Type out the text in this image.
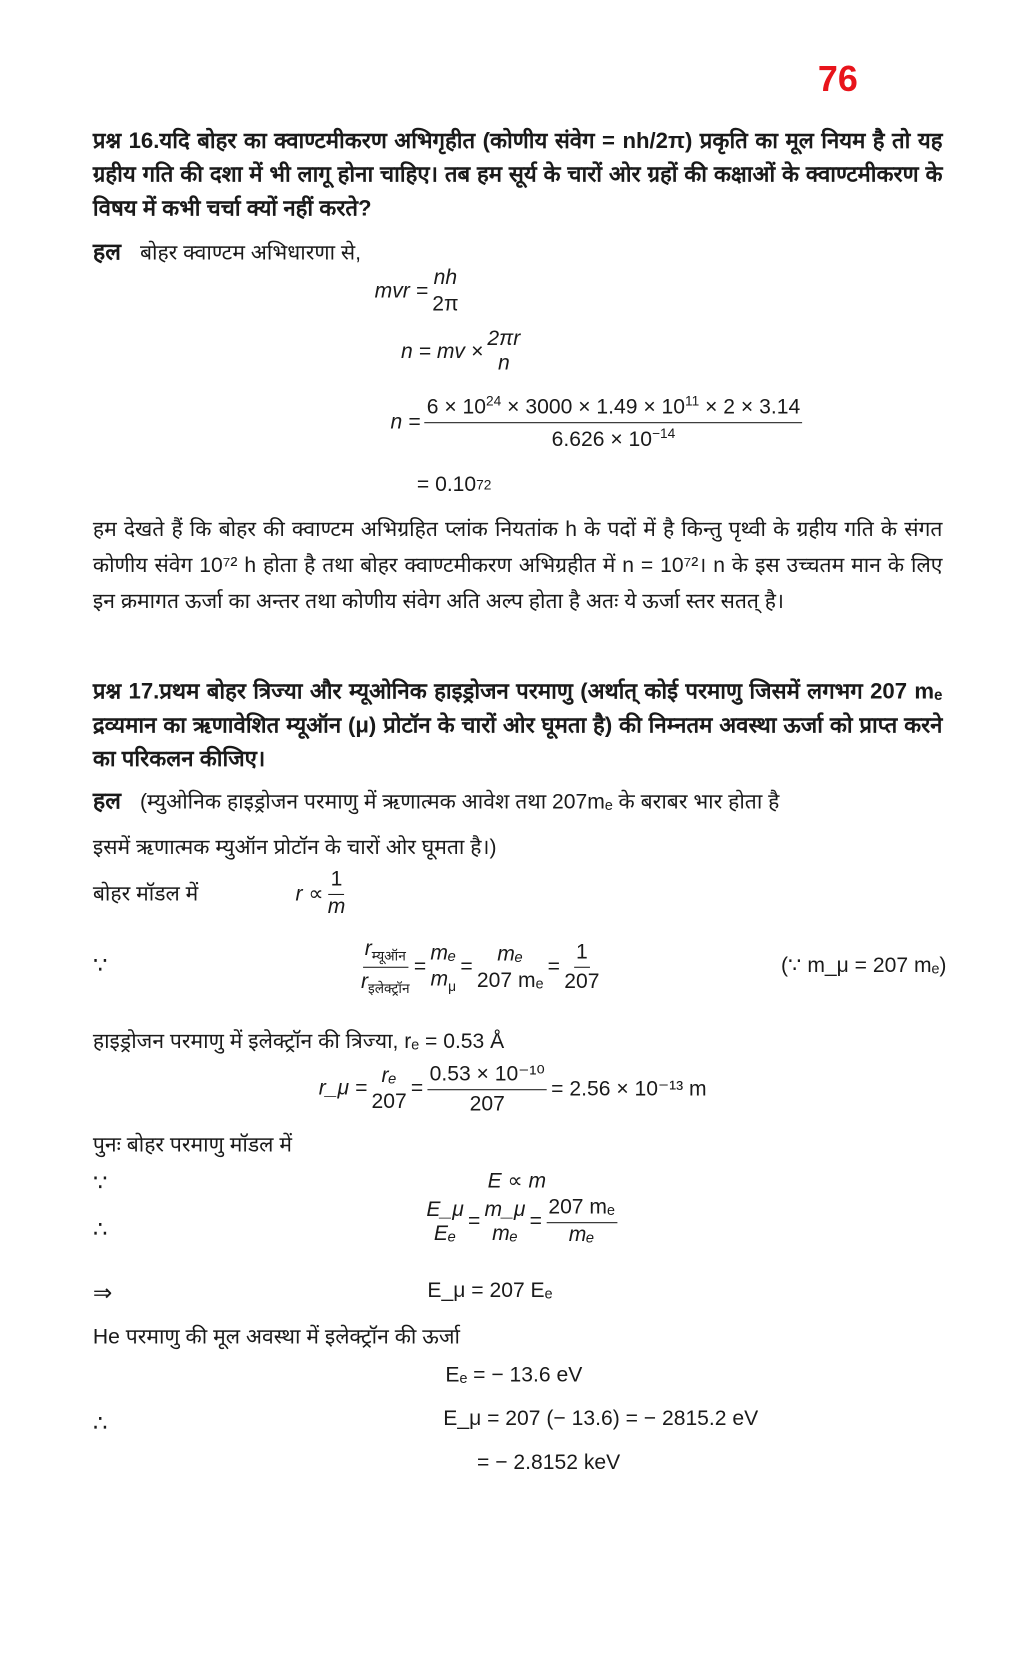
76
प्रश्न 16.यदि बोहर का क्वाण्टमीकरण अभिगृहीत (कोणीय संवेग = nh/2π) प्रकृति का मूल नियम है तो यह ग्रहीय गति की दशा में भी लागू होना चाहिए। तब हम सूर्य के चारों ओर ग्रहों की कक्षाओं के क्वाण्टमीकरण के विषय में कभी चर्चा क्यों नहीं करते?
हल बोहर क्वाण्टम अभिधारणा से,
mvr =
nh
2π
n = mv ×
2πr
n
$n = \frac{6 \times 10^{24} \times 3000 \times 1.49 \times 10^{11} \times 2 \times 3.14}{6.626 \times 10^{-14}}$
= 0.10 72
हम देखते हैं कि बोहर की क्वाण्टम अभिग्रहित प्लांक नियतांक h के पदों में है किन्तु पृथ्वी के ग्रहीय गति के संगत कोणीय संवेग 10⁷² h होता है तथा बोहर क्वाण्टमीकरण अभिग्रहीत में n = 10⁷²। n के इस उच्चतम मान के लिए इन क्रमागत ऊर्जा का अन्तर तथा कोणीय संवेग अति अल्प होता है अतः ये ऊर्जा स्तर सतत् है।
प्रश्न 17.प्रथम बोहर त्रिज्या और म्यूओनिक हाइड्रोजन परमाणु (अर्थात् कोई परमाणु जिसमें लगभग 207 mₑ द्रव्यमान का ऋणावेशित म्यूऑन (μ) प्रोटॉन के चारों ओर घूमता है) की निम्नतम अवस्था ऊर्जा को प्राप्त करने का परिकलन कीजिए।
हल (म्युओनिक हाइड्रोजन परमाणु में ऋणात्मक आवेश तथा 207mₑ के बराबर भार होता है
इसमें ऋणात्मक म्युऑन प्रोटॉन के चारों ओर घूमता है।)
बोहर मॉडल में	$r \propto \frac{1}{m}$
∵
$r_{म्यूऑन}$
$r_{इलेक्ट्रॉन}$
=
mₑ
$m_\mu$
=
mₑ
207 mₑ
= $\frac{1}{207}$	(∵ m_μ = 207 mₑ)
हाइड्रोजन परमाणु में इलेक्ट्रॉन की त्रिज्या, rₑ = 0.53 Å
r_μ =
rₑ
207
= $\frac{\text{0.53 × 10⁻¹⁰}}{207} = 2.56 \times 10^{-13}$ m
पुनः बोहर परमाणु मॉडल में
∵	E ∝ m
∴
E_μ
Eₑ
=
m_μ
mₑ
= $\frac{\text{207 mₑ}}{\text{mₑ}}$
⇒	E_μ = 207 Eₑ
He परमाणु की मूल अवस्था में इलेक्ट्रॉन की ऊर्जा
Eₑ = − 13.6 eV
∴	E_μ = 207 (− 13.6) = − 2815.2 eV
= − 2.8152 keV
